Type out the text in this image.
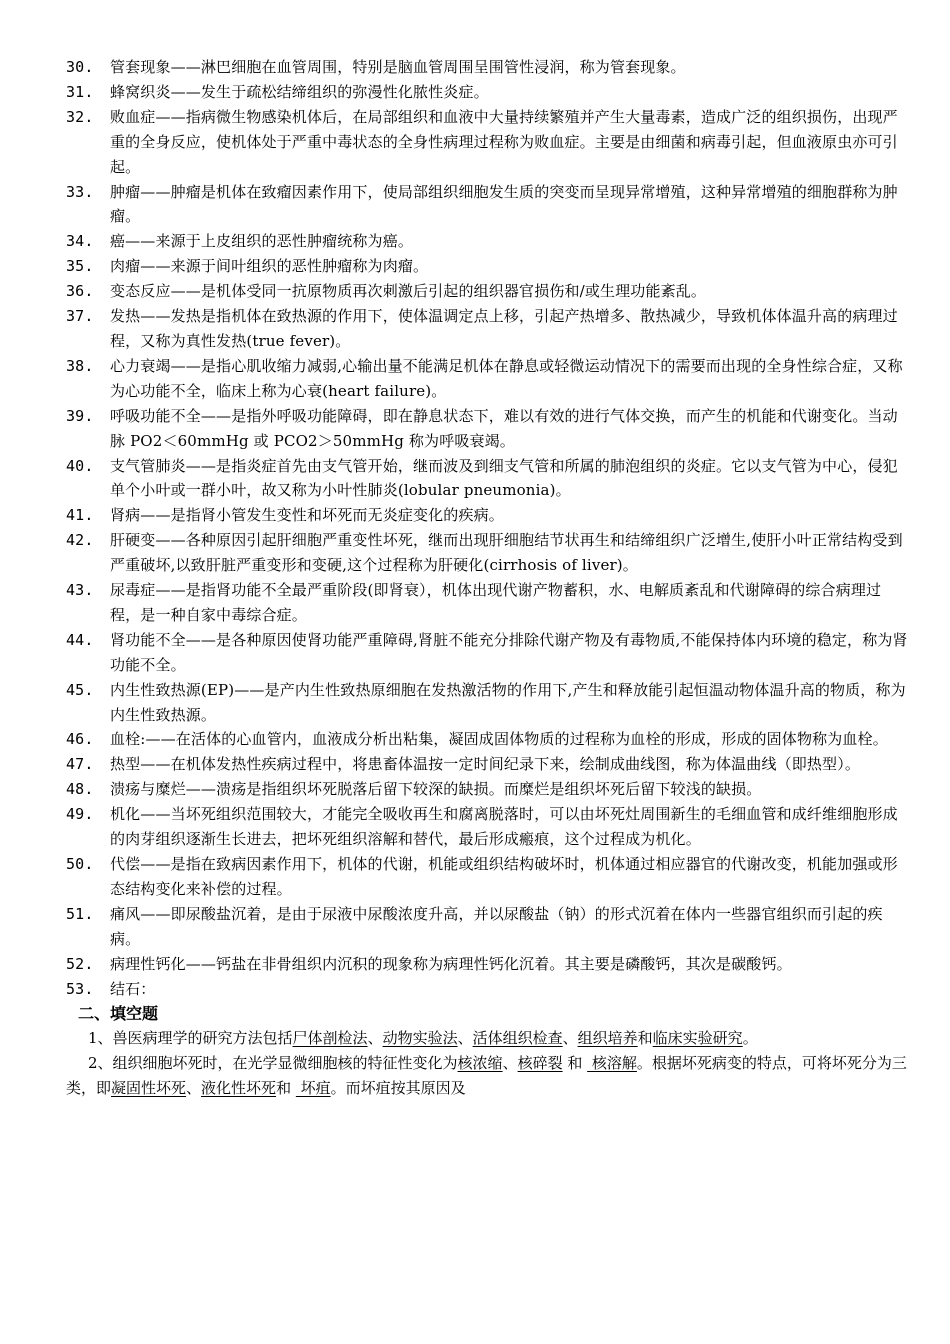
30.	管套现象——淋巴细胞在血管周围，特别是脑血管周围呈围管性浸润，称为管套现象。
31.	蜂窝织炎——发生于疏松结缔组织的弥漫性化脓性炎症。
32.	败血症——指病微生物感染机体后，在局部组织和血液中大量持续繁殖并产生大量毒素，造成广泛的组织损伤，出现严重的全身反应，使机体处于严重中毒状态的全身性病理过程称为败血症。主要是由细菌和病毒引起，但血液原虫亦可引起。
33.	肿瘤——肿瘤是机体在致瘤因素作用下，使局部组织细胞发生质的突变而呈现异常增殖，这种异常增殖的细胞群称为肿瘤。
34.	癌——来源于上皮组织的恶性肿瘤统称为癌。
35.	肉瘤——来源于间叶组织的恶性肿瘤称为肉瘤。
36.	变态反应——是机体受同一抗原物质再次刺激后引起的组织器官损伤和/或生理功能紊乱。
37.	发热——发热是指机体在致热源的作用下，使体温调定点上移，引起产热增多、散热减少，导致机体体温升高的病理过程，又称为真性发热(true fever)。
38.	心力衰竭——是指心肌收缩力减弱,心输出量不能满足机体在静息或轻微运动情况下的需要而出现的全身性综合症，又称为心功能不全，临床上称为心衰(heart failure)。
39.	呼吸功能不全——是指外呼吸功能障碍，即在静息状态下，难以有效的进行气体交换，而产生的机能和代谢变化。当动脉 PO2＜60mmHg 或 PCO2＞50mmHg 称为呼吸衰竭。
40.	支气管肺炎——是指炎症首先由支气管开始，继而波及到细支气管和所属的肺泡组织的炎症。它以支气管为中心，侵犯单个小叶或一群小叶，故又称为小叶性肺炎(lobular pneumonia)。
41.	肾病——是指肾小管发生变性和坏死而无炎症变化的疾病。
42.	肝硬变——各种原因引起肝细胞严重变性坏死，继而出现肝细胞结节状再生和结缔组织广泛增生,使肝小叶正常结构受到严重破坏,以致肝脏严重变形和变硬,这个过程称为肝硬化(cirrhosis of liver)。
43.	尿毒症——是指肾功能不全最严重阶段(即肾衰），机体出现代谢产物蓄积，水、电解质紊乱和代谢障碍的综合病理过程，是一种自家中毒综合症。
44.	肾功能不全——是各种原因使肾功能严重障碍,肾脏不能充分排除代谢产物及有毒物质,不能保持体内环境的稳定，称为肾功能不全。
45.	内生性致热源(EP)——是产内生性致热原细胞在发热激活物的作用下,产生和释放能引起恒温动物体温升高的物质，称为内生性致热源。
46.	血栓:——在活体的心血管内，血液成分析出粘集，凝固成固体物质的过程称为血栓的形成，形成的固体物称为血栓。
47.	热型——在机体发热性疾病过程中，将患畜体温按一定时间纪录下来，绘制成曲线图，称为体温曲线（即热型）。
48.	溃疡与糜烂——溃疡是指组织坏死脱落后留下较深的缺损。而糜烂是组织坏死后留下较浅的缺损。
49.	机化——当坏死组织范围较大，才能完全吸收再生和腐离脱落时，可以由坏死灶周围新生的毛细血管和成纤维细胞形成的肉芽组织逐渐生长进去，把坏死组织溶解和替代，最后形成瘢痕，这个过程成为机化。
50.	代偿——是指在致病因素作用下，机体的代谢，机能或组织结构破坏时，机体通过相应器官的代谢改变，机能加强或形态结构变化来补偿的过程。
51.	痛风——即尿酸盐沉着，是由于尿液中尿酸浓度升高，并以尿酸盐（钠）的形式沉着在体内一些器官组织而引起的疾病。
52.	病理性钙化——钙盐在非骨组织内沉积的现象称为病理性钙化沉着。其主要是磷酸钙，其次是碳酸钙。
53.	结石：

二、填空题

1、兽医病理学的研究方法包括尸体剖检法、动物实验法、活体组织检查、组织培养和临床实验研究。

2、组织细胞坏死时，在光学显微细胞核的特征性变化为核浓缩、核碎裂 和  核溶解。根据坏死病变的特点，可将坏死分为三类，即凝固性坏死、液化性坏死和  坏疽。而坏疽按其原因及
